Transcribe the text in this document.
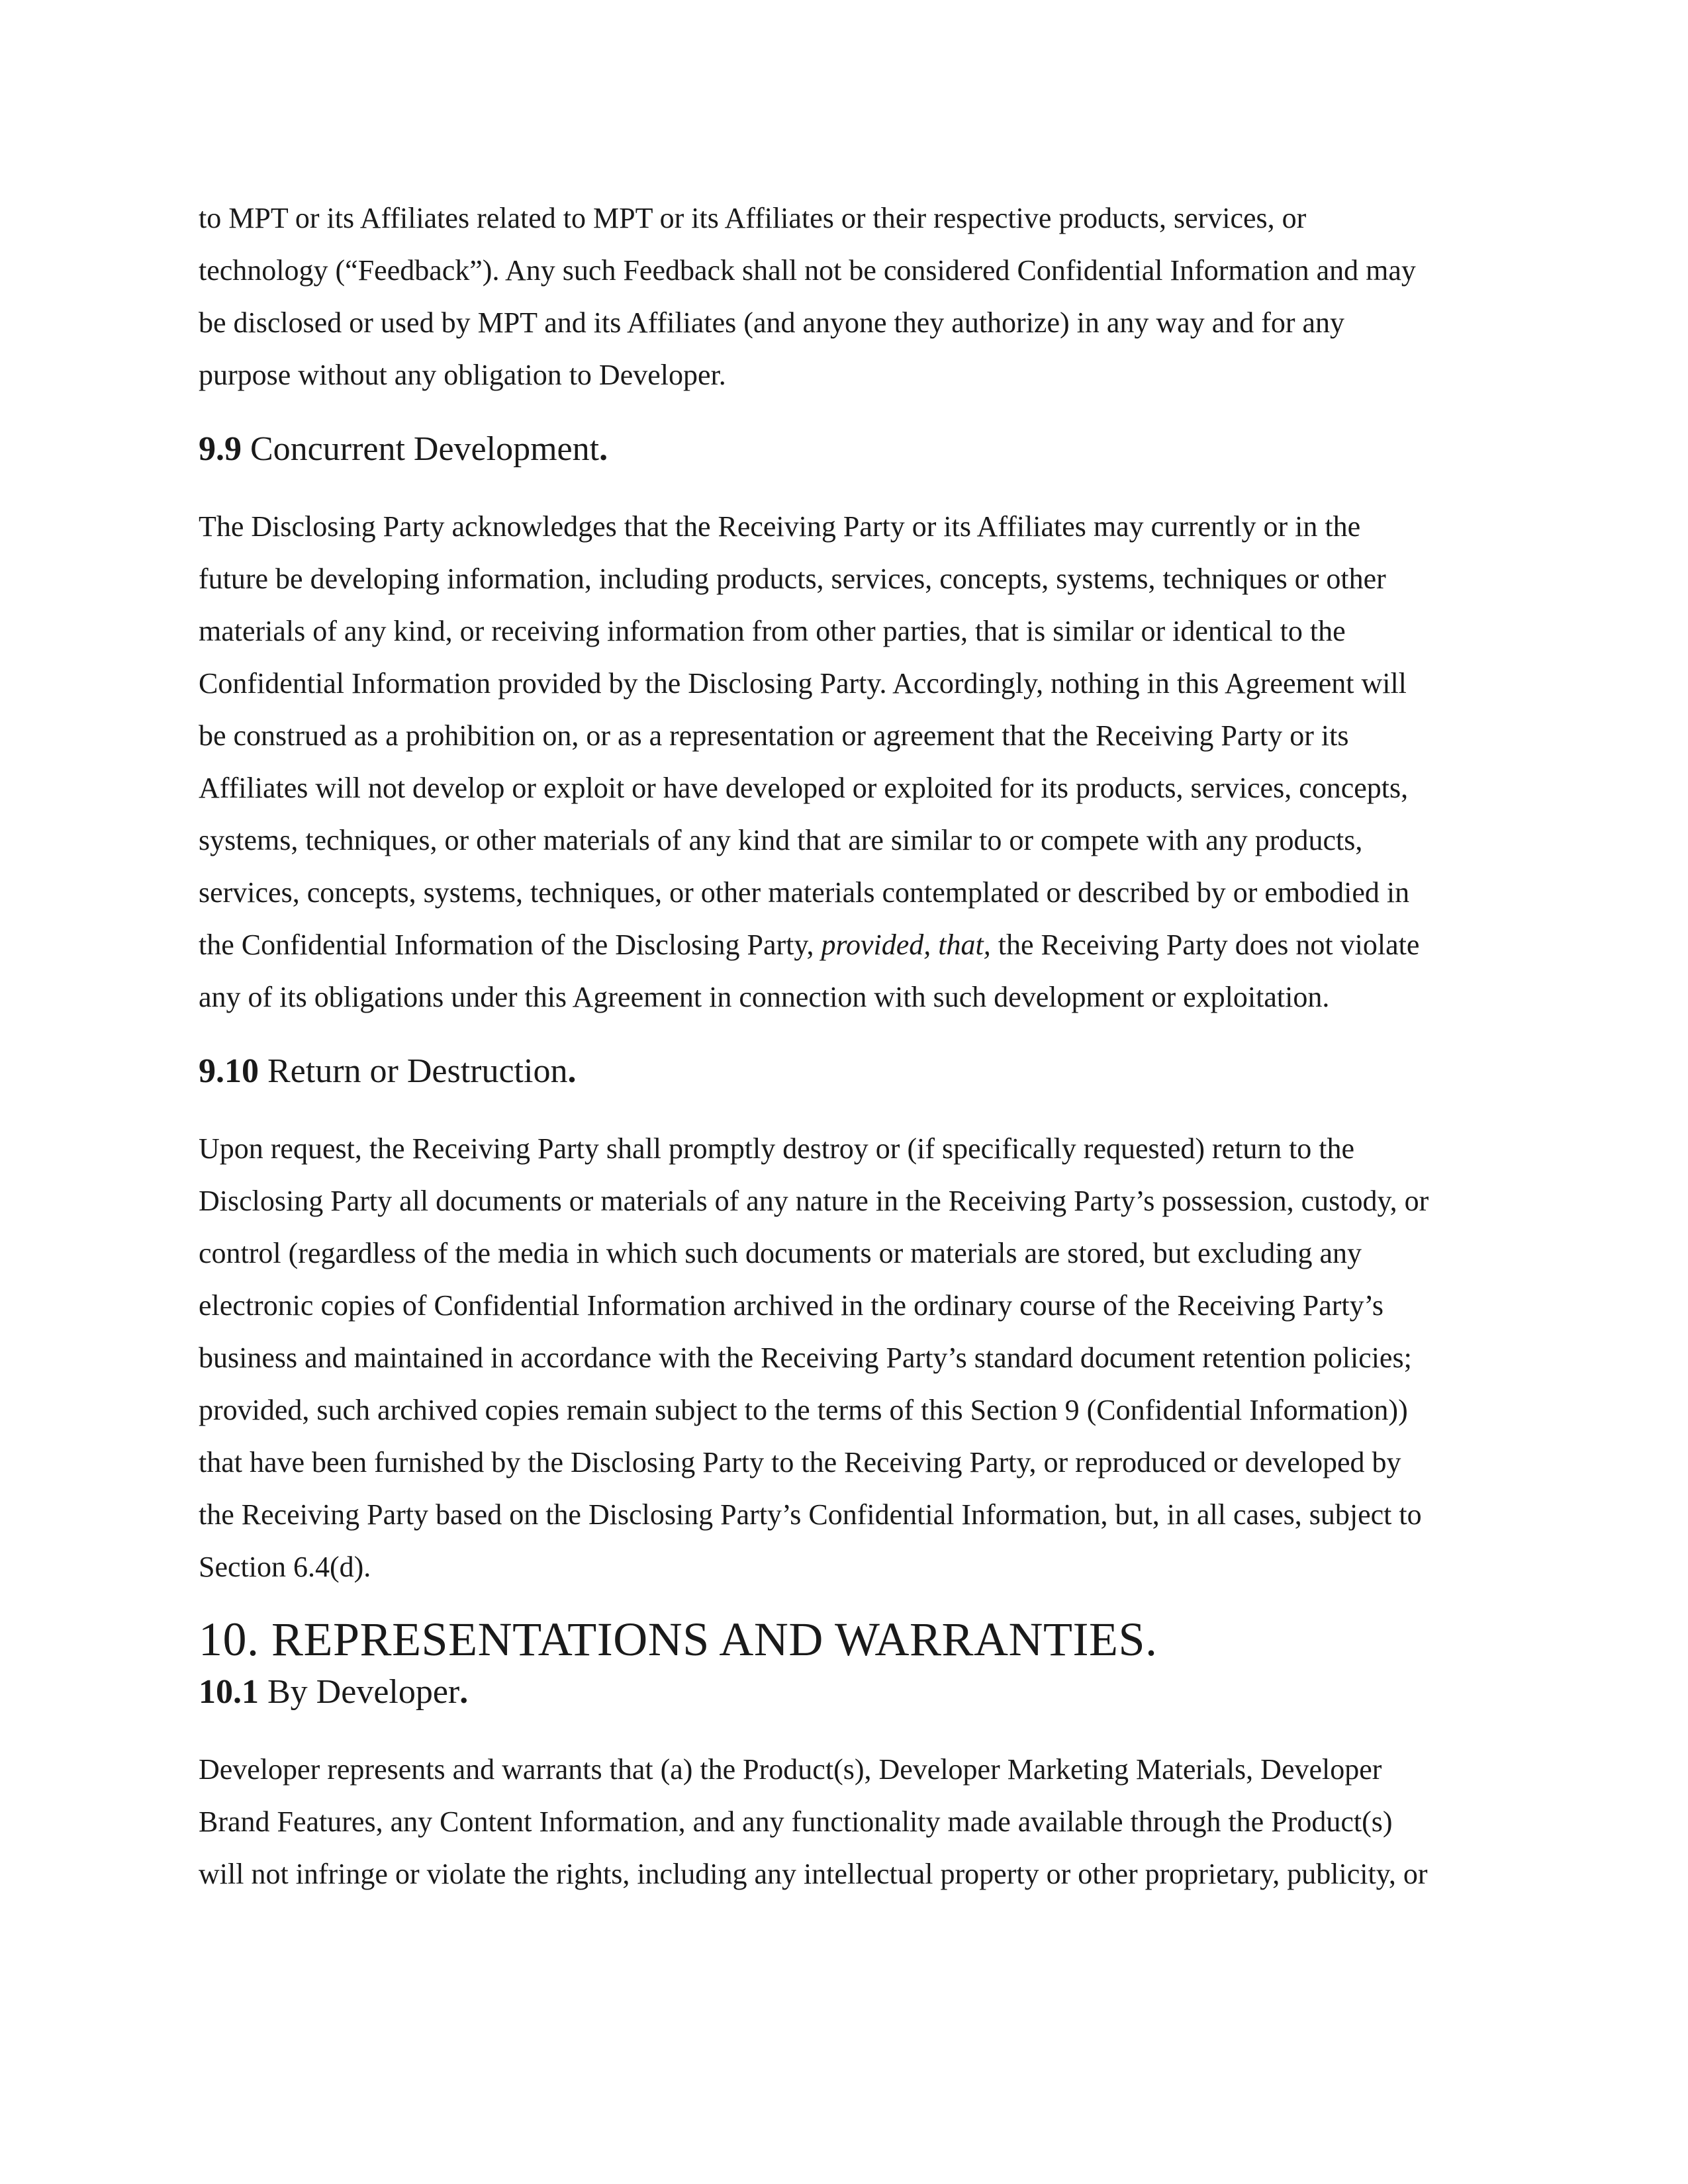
to MPT or its Affiliates related to MPT or its Affiliates or their respective products, services, or
technology (“Feedback”). Any such Feedback shall not be considered Confidential Information and may
be disclosed or used by MPT and its Affiliates (and anyone they authorize) in any way and for any
purpose without any obligation to Developer.

9.9 Concurrent Development.

The Disclosing Party acknowledges that the Receiving Party or its Affiliates may currently or in the
future be developing information, including products, services, concepts, systems, techniques or other
materials of any kind, or receiving information from other parties, that is similar or identical to the
Confidential Information provided by the Disclosing Party. Accordingly, nothing in this Agreement will
be construed as a prohibition on, or as a representation or agreement that the Receiving Party or its
Affiliates will not develop or exploit or have developed or exploited for its products, services, concepts,
systems, techniques, or other materials of any kind that are similar to or compete with any products,
services, concepts, systems, techniques, or other materials contemplated or described by or embodied in
the Confidential Information of the Disclosing Party, provided, that, the Receiving Party does not violate
any of its obligations under this Agreement in connection with such development or exploitation.

9.10 Return or Destruction.

Upon request, the Receiving Party shall promptly destroy or (if specifically requested) return to the
Disclosing Party all documents or materials of any nature in the Receiving Party’s possession, custody, or
control (regardless of the media in which such documents or materials are stored, but excluding any
electronic copies of Confidential Information archived in the ordinary course of the Receiving Party’s
business and maintained in accordance with the Receiving Party’s standard document retention policies;
provided, such archived copies remain subject to the terms of this Section 9 (Confidential Information))
that have been furnished by the Disclosing Party to the Receiving Party, or reproduced or developed by
the Receiving Party based on the Disclosing Party’s Confidential Information, but, in all cases, subject to
Section 6.4(d).

10. REPRESENTATIONS AND WARRANTIES.
10.1 By Developer.

Developer represents and warrants that (a) the Product(s), Developer Marketing Materials, Developer
Brand Features, any Content Information, and any functionality made available through the Product(s)
will not infringe or violate the rights, including any intellectual property or other proprietary, publicity, or
